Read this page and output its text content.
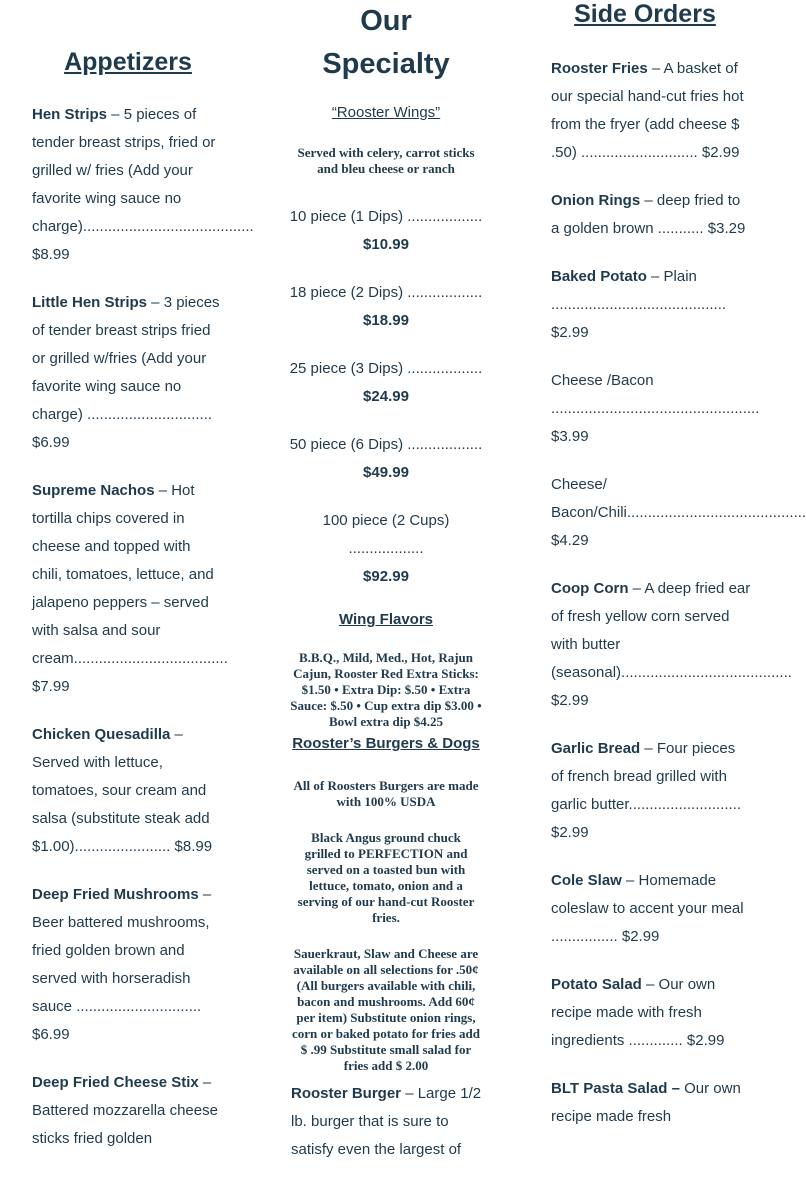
Appetizers

Hen Strips – 5 pieces of tender breast strips, fried or grilled w/ fries (Add your favorite wing sauce no charge)......................................... $8.99

Little Hen Strips – 3 pieces of tender breast strips fried or grilled w/fries (Add your favorite wing sauce no charge) .............................. $6.99

Supreme Nachos – Hot tortilla chips covered in cheese and topped with chili, tomatoes, lettuce, and jalapeno peppers – served with salsa and sour cream..................................... $7.99

Chicken Quesadilla – Served with lettuce, tomatoes, sour cream and salsa (substitute steak add $1.00)....................... $8.99

Deep Fried Mushrooms – Beer battered mushrooms, fried golden brown and served with horseradish sauce .............................. $6.99

Deep Fried Cheese Stix – Battered mozzarella cheese sticks fried golden

Our

Specialty

“Rooster Wings”

Served with celery, carrot sticks and bleu cheese or ranch

10 piece (1 Dips) ..................

$10.99

18 piece (2 Dips) ..................

$18.99

25 piece (3 Dips) ..................

$24.99

50 piece (6 Dips) ..................

$49.99

100 piece (2 Cups) ..................

$92.99

Wing Flavors

B.B.Q., Mild, Med., Hot, Rajun Cajun, Rooster Red Extra Sticks: $1.50 • Extra Dip: $.50 • Extra Sauce: $.50 • Cup extra dip $3.00 • Bowl extra dip $4.25

Rooster’s Burgers & Dogs

All of Roosters Burgers are made with 100% USDA

Black Angus ground chuck grilled to PERFECTION and served on a toasted bun with lettuce, tomato, onion and a serving of our hand-cut Rooster fries.

Sauerkraut, Slaw and Cheese are available on all selections for .50¢ (All burgers available with chili, bacon and mushrooms. Add 60¢ per item) Substitute onion rings, corn or baked potato for fries add $ .99 Substitute small salad for fries add $ 2.00

Rooster Burger – Large 1/2 lb. burger that is sure to satisfy even the largest of

Side Orders

Rooster Fries – A basket of our special hand-cut fries hot from the fryer (add cheese $ .50) ............................ $2.99

Onion Rings – deep fried to a golden brown ........... $3.29

Baked Potato – Plain .......................................... $2.99

Cheese /Bacon .................................................. $3.99

Cheese/ Bacon/Chili........................................... $4.29

Coop Corn – A deep fried ear of fresh yellow corn served with butter (seasonal)......................................... $2.99

Garlic Bread – Four pieces of french bread grilled with garlic butter........................... $2.99

Cole Slaw – Homemade coleslaw to accent your meal ................ $2.99

Potato Salad – Our own recipe made with fresh ingredients ............. $2.99

BLT Pasta Salad – Our own recipe made fresh
